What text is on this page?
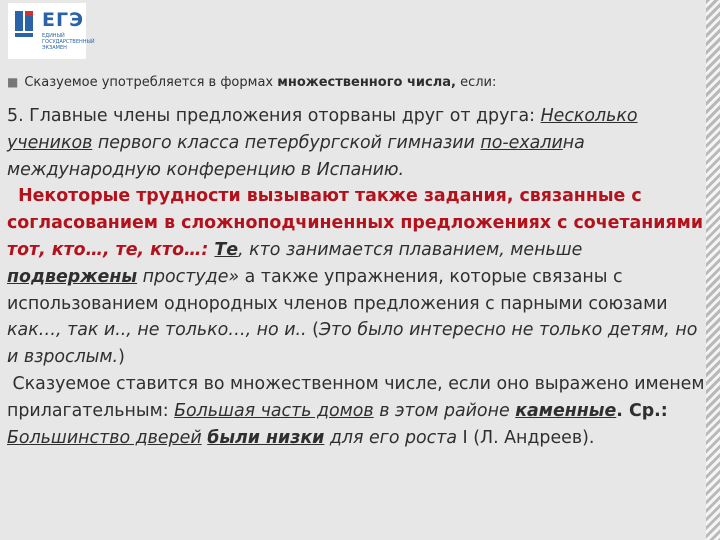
ЕГЭ
ЕДИНЫЙ ГОСУДАРСТВЕННЫЙ ЭКЗАМЕН
■ Сказуемое употребляется в формах множественного числа, если:

5. Главные члены предложения оторваны друг от друга: Несколько учеников первого класса петербургской гимназии по-ехалина международную конференцию в Испанию.

Некоторые трудности вызывают также задания, связанные с согласованием в сложноподчиненных предложениях с сочетаниями тот, кто…, те, кто…: Те, кто занимается плаванием, меньше подвержены простуде» а также упражнения, которые связаны с использованием однородных членов предложения с парными союзами как…, так и.., не только…, но и.. (Это было интересно не только детям, но и взрослым.)

Сказуемое ставится во множественном числе, если оно выражено именем прилагательным: Большая часть домов в этом районе каменные. Ср.: Большинство дверей были низки для его роста I (Л. Андреев).
